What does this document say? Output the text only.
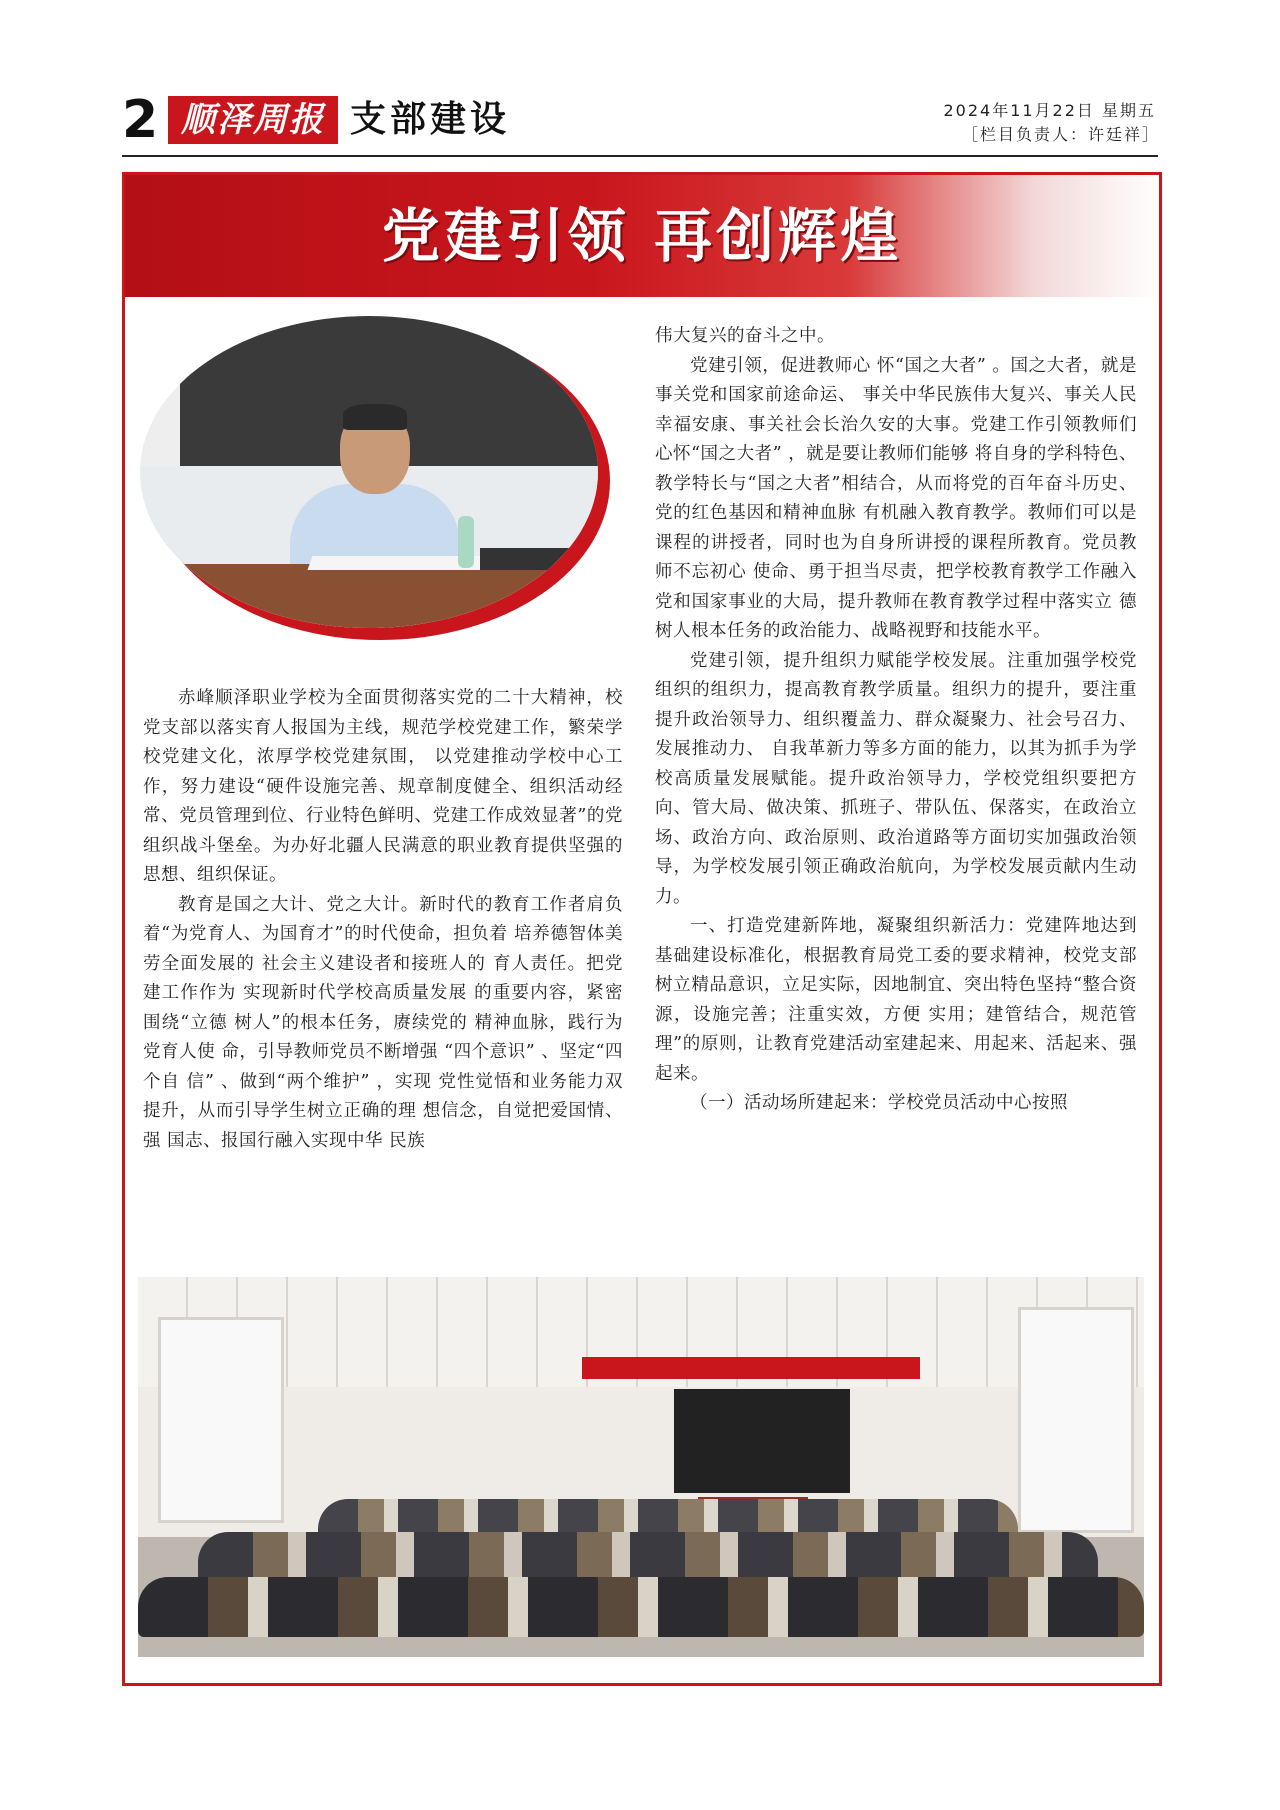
2 顺泽周报 支部建设	2024年11月22日 星期五
［栏目负责人：许廷祥］
党建引领 再创辉煌

赤峰顺泽职业学校为全面贯彻落实党的二十大精神，校党支部以落实育人报国为主线，规范学校党建工作，繁荣学校党建文化，浓厚学校党建氛围， 以党建推动学校中心工作，努力建设“硬件设施完善、规章制度健全、组织活动经常、党员管理到位、行业特色鲜明、党建工作成效显著”的党组织战斗堡垒。为办好北疆人民满意的职业教育提供坚强的思想、组织保证。

教育是国之大计、党之大计。新时代的教育工作者肩负着“为党育人、为国育才”的时代使命，担负着 培养德智体美劳全面发展的 社会主义建设者和接班人的 育人责任。把党建工作作为 实现新时代学校高质量发展 的重要内容，紧密围绕“立德 树人”的根本任务，赓续党的 精神血脉，践行为党育人使 命，引导教师党员不断增强 “四个意识” 、坚定“四个自 信” 、做到“两个维护” ，实现 党性觉悟和业务能力双提升，从而引导学生树立正确的理 想信念，自觉把爱国情、强 国志、报国行融入实现中华 民族

伟大复兴的奋斗之中。

党建引领，促进教师心 怀“国之大者” 。国之大者，就是事关党和国家前途命运、 事关中华民族伟大复兴、事关人民幸福安康、事关社会长治久安的大事。党建工作引领教师们心怀“国之大者” ，就是要让教师们能够 将自身的学科特色、教学特长与“国之大者”相结合，从而将党的百年奋斗历史、党的红色基因和精神血脉 有机融入教育教学。教师们可以是课程的讲授者，同时也为自身所讲授的课程所教育。党员教师不忘初心 使命、勇于担当尽责，把学校教育教学工作融入党和国家事业的大局，提升教师在教育教学过程中落实立 德树人根本任务的政治能力、战略视野和技能水平。

党建引领，提升组织力赋能学校发展。注重加强学校党组织的组织力，提高教育教学质量。组织力的提升，要注重提升政治领导力、组织覆盖力、群众凝聚力、社会号召力、发展推动力、 自我革新力等多方面的能力，以其为抓手为学校高质量发展赋能。提升政治领导力，学校党组织要把方向、管大局、做决策、抓班子、带队伍、保落实，在政治立场、政治方向、政治原则、政治道路等方面切实加强政治领导，为学校发展引领正确政治航向，为学校发展贡献内生动力。

一、打造党建新阵地，凝聚组织新活力：党建阵地达到基础建设标准化，根据教育局党工委的要求精神，校党支部树立精品意识，立足实际，因地制宜、突出特色坚持“整合资源，设施完善；注重实效，方便 实用；建管结合，规范管理”的原则，让教育党建活动室建起来、用起来、活起来、强起来。

（一）活动场所建起来：学校党员活动中心按照
